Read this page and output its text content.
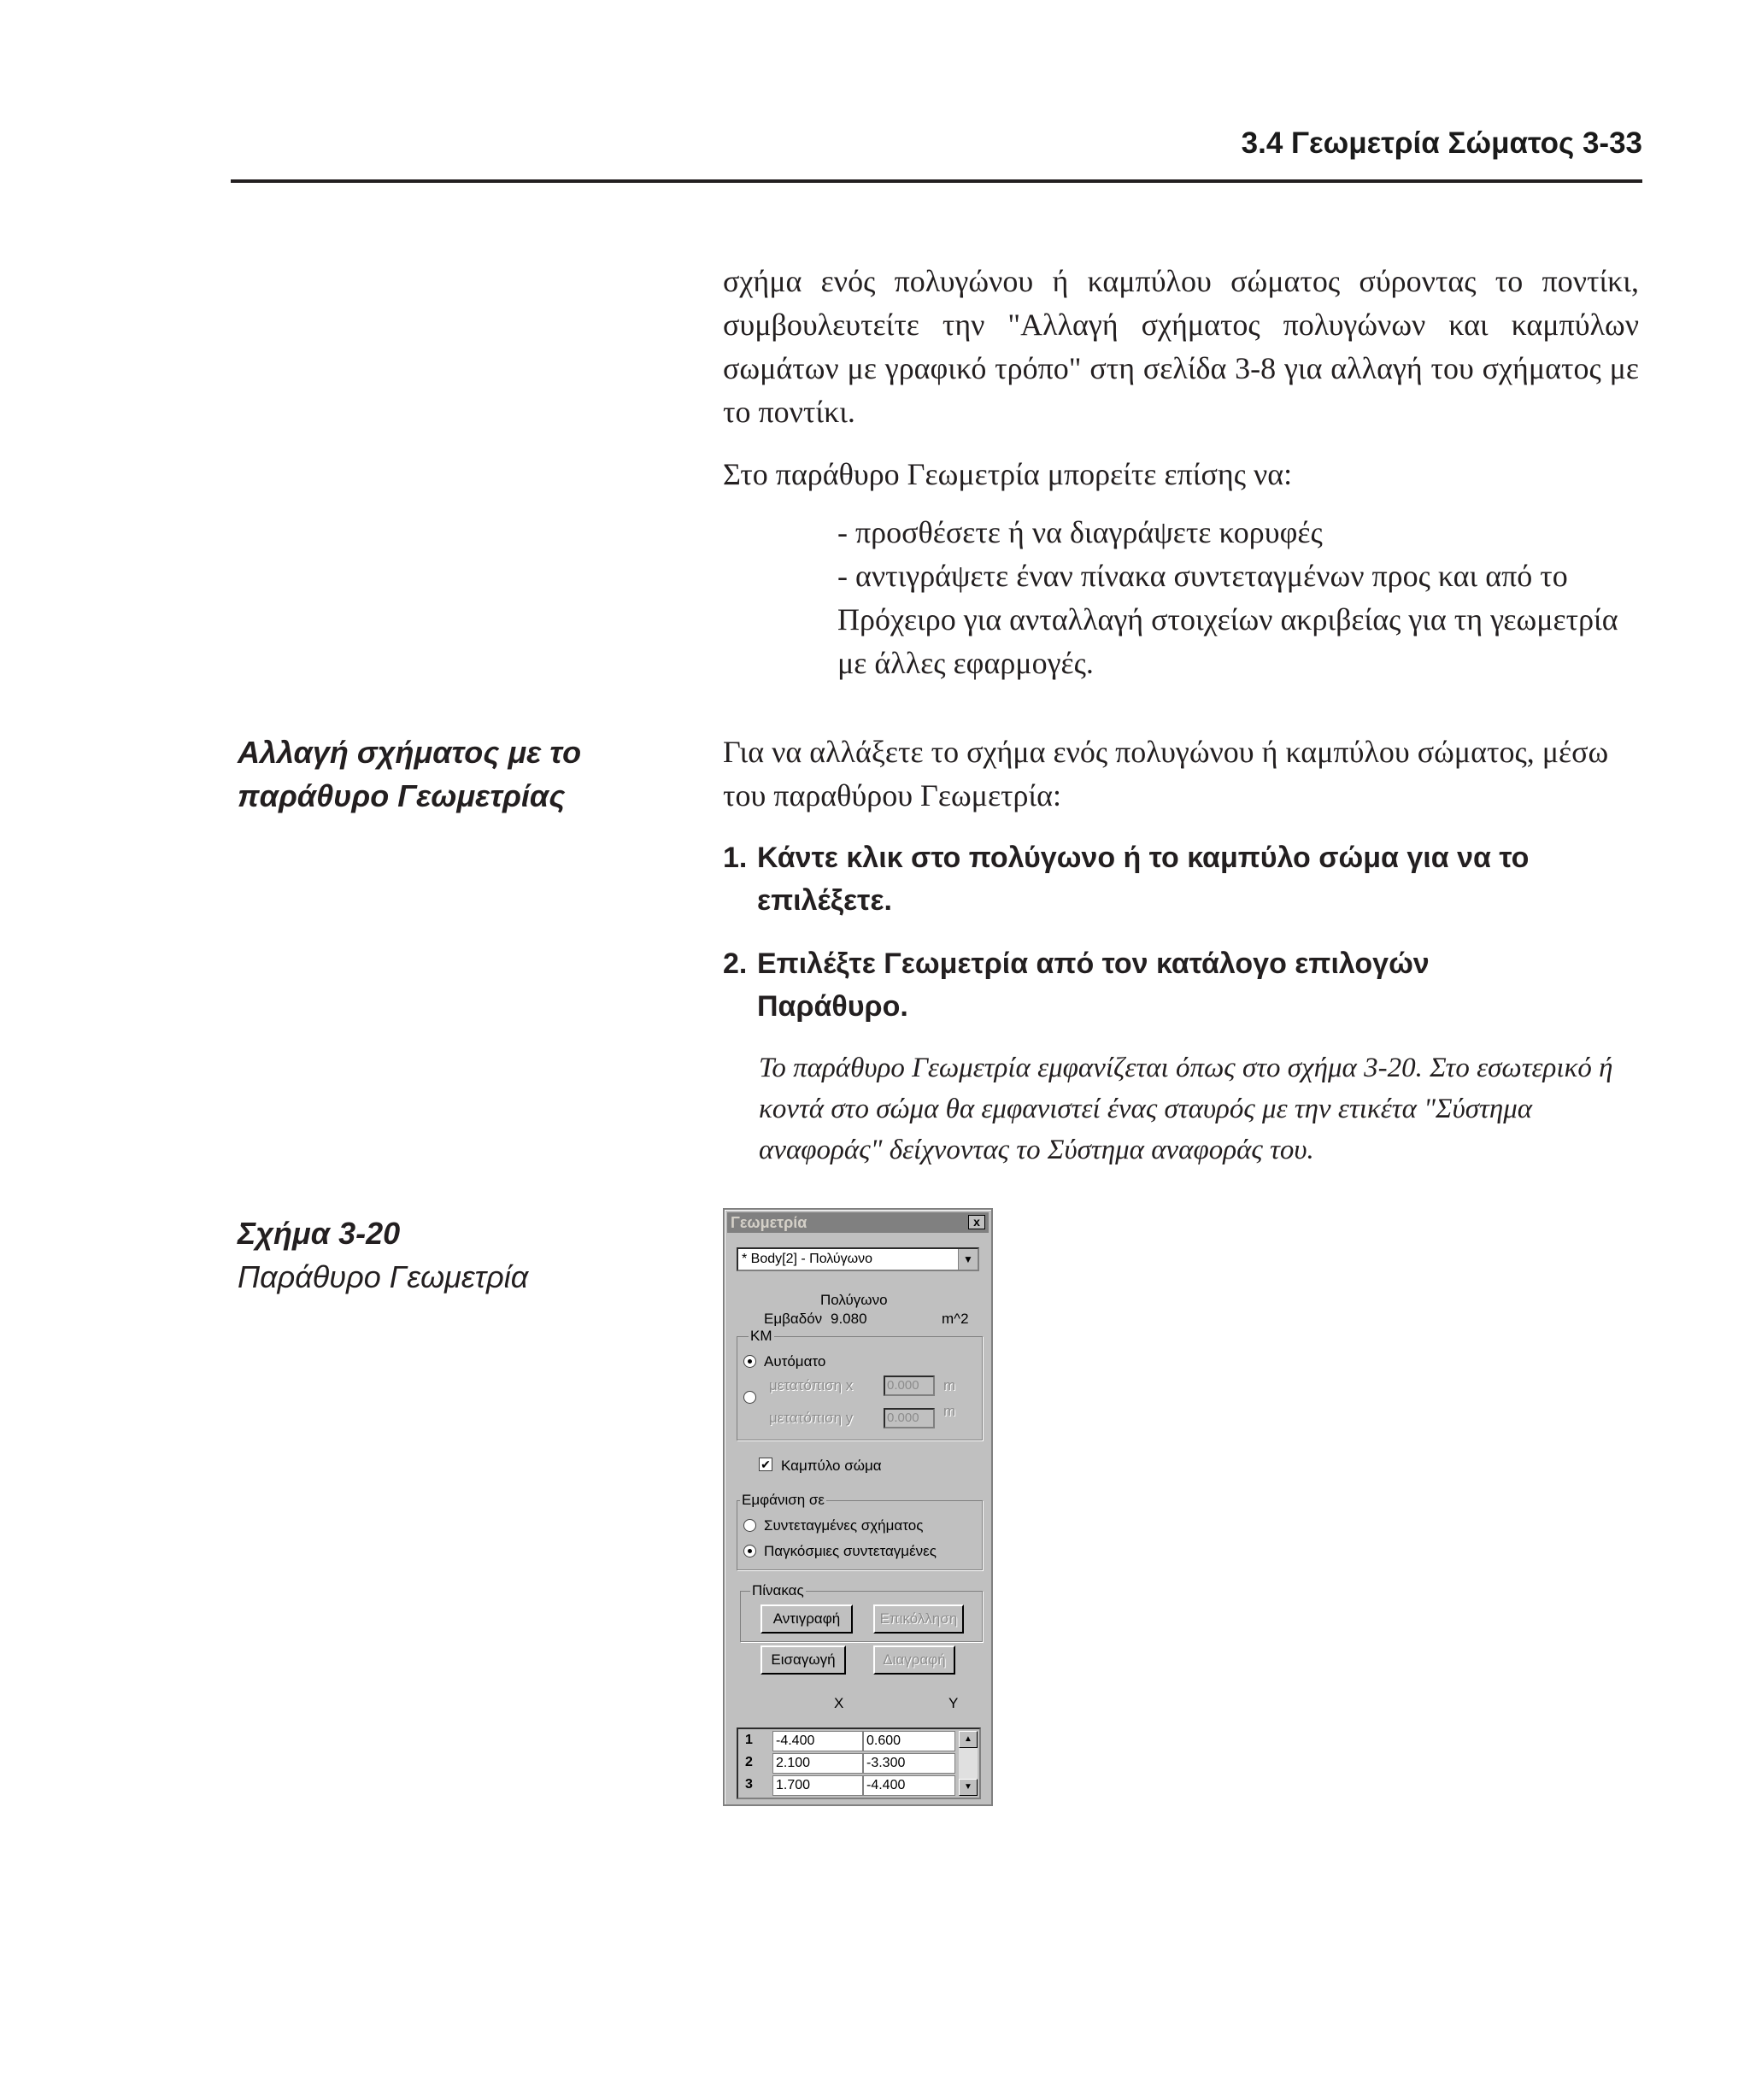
3.4 Γεωμετρία Σώματος 3-33

σχήμα ενός πολυγώνου ή καμπύλου σώματος σύροντας το ποντίκι, συμβουλευτείτε την "Αλλαγή σχήματος πολυγώνων και καμπύλων σωμάτων με γραφικό τρόπο" στη σελίδα 3-8 για αλλαγή του σχήματος με το ποντίκι.

Στο παράθυρο Γεωμετρία μπορείτε επίσης να:

- προσθέσετε ή να διαγράψετε κορυφές

- αντιγράψετε έναν πίνακα συντεταγμένων προς και από το Πρόχειρο για ανταλλαγή στοιχείων ακριβείας για τη γεωμετρία με άλλες εφαρμογές.

Αλλαγή σχήματος με το
παράθυρο Γεωμετρίας

Για να αλλάξετε το σχήμα ενός πολυγώνου ή καμπύλου σώματος, μέσω του παραθύρου Γεωμετρία:

1. Κάντε κλικ στο πολύγωνο ή το καμπύλο σώμα για να το
επιλέξετε.
2. Επιλέξτε Γεωμετρία από τον κατάλογο επιλογών
Παράθυρο.

Το παράθυρο Γεωμετρία εμφανίζεται όπως στο σχήμα 3-20. Στο εσωτερικό ή κοντά στο σώμα θα εμφανιστεί ένας σταυρός με την ετικέτα "Σύστημα αναφοράς" δείχνοντας το Σύστημα αναφοράς του.

Σχήμα 3-20
Παράθυρο Γεωμετρία
Γεωμετρία	x
* Body[2] - Πολύγωνο	▼
Πολύγωνο
Εμβαδόν 9.080	m^2
KM
Αυτόματο
μετατόπιση x	0.000	m
μετατόπιση y	0.000	m
✔ Καμπύλο σώμα
Εμφάνιση σε
Συντεταγμένες σχήματος
Παγκόσμιες συντεταγμένες
Πίνακας
Αντιγραφή	Επικόλληση
Εισαγωγή	Διαγραφή
X	Y
1 -4.400	0.600
2 2.100	-3.300
3 1.700	-4.400
▲
▼
